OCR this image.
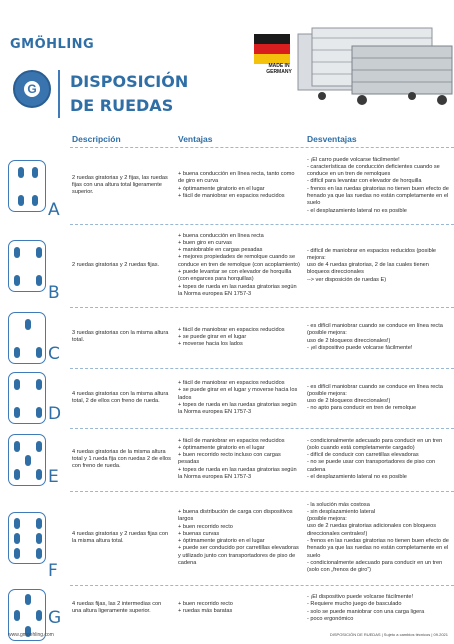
GMÖHLING
MADE IN GERMANY
G DISPOSICIÓN
DE RUEDAS
Descripción	Ventajas	Desventajas
A
2 ruedas giratorias y 2 fijas, las ruedas fijas con una altura total ligeramente superior.
+ buena conducción en línea recta, tanto como de giro en curva
+ óptimamente giratorio en el lugar
+ fácil de maniobrar en espacios reducidos
- ¡El carro puede volcarse fácilmente!
- características de conducción deficientes cuando se conduce en un tren de remolques
- difícil para levantar con elevador de horquilla
- frenos en las ruedas giratorias no tienen buen efecto de frenado ya que las ruedas no están completamente en el suelo
- el desplazamiento lateral no es posible
B
2 ruedas giratorias y 2 ruedas fijas.
+ buena conducción en línea recta
+ buen giro en curvas
+ maniobrable en cargas pesadas
+ mejores propiedades de remolque cuando se conduce en tren de remolque (con acoplamiento)
+ puede levantar se con elevador de horquilla (con engarces para horquillas)
+ topes de rueda en las ruedas giratorias según la Norma europea EN 1757-3
- difícil de maniobrar en espacios reducidos (posible mejora:
uso de 4 ruedas giratorias, 2 de las cuales tienen bloqueos direccionales
--> ver disposición de ruedas E)
C
3 ruedas giratorias con la misma altura total.
+ fácil de maniobrar en espacios reducidos
+ se puede girar en el lugar
+ moverse hacia los lados
- es difícil maniobrar cuando se conduce en línea recta (posible mejora:
uso de 2 bloqueos direccionales!)
- ¡el dispositivo puede volcarse fácilmente!
D
4 ruedas giratorias con la misma altura total, 2 de ellos con freno de rueda.
+ fácil de maniobrar en espacios reducidos
+ se puede girar en el lugar y moverse hacia los lados
+ topes de rueda en las ruedas giratorias según la Norma europea EN 1757-3
- es difícil maniobrar cuando se conduce en línea recta (posible mejora:
uso de 2 bloqueos direccionales!)
- no apto para conducir en tren de remolque
E
4 ruedas giratorias de la misma altura total y 1 rueda fija con ruedas 2 de ellos con freno de rueda.
+ fácil de maniobrar en espacios reducidos
+ óptimamente giratorio en el lugar
+ buen recorrido recto incluso con cargas pesadas
+ topes de rueda en las ruedas giratorias según la Norma europea EN 1757-3
- condicionalmente adecuado para conducir en un tren
(solo cuando está completamente cargado)
- difícil de conducir con carretillas elevadoras
- no se puede usar con transportadores de piso con cadena
- el desplazamiento lateral no es posible
F
4 ruedas giratorias y 2 ruedas fijas con la misma altura total.
+ buena distribución de carga con dispositivos largos
+ buen recorrido recto
+ buenas curvas
+ óptimamente giratorio en el lugar
+ puede ser conducido por carretillas elevadoras y utilizado junto con transportadores de piso de cadena
- la solución más costosa
- sin desplazamiento lateral
(posible mejora:
uso de 2 ruedas giratorias adicionales con bloqueos direccionales centrales!)
- frenos en las ruedas giratorias no tienen buen efecto de frenado ya que las ruedas no están completamente en el suelo
- condicionalmente adecuado para conducir en un tren (solo con „frenos de giro“)
G
4 ruedas fijas, las 2 intermedias con una altura ligeramente superior.
+ buen recorrido recto
+ ruedas más baratas
- ¡El dispositivo puede volcarse fácilmente!
- Requiere mucho juego de basculado
- solo se puede maniobrar con una carga ligera
- poco ergonómico
www.gmoehling.com	DISPOSICIÓN DE RUEDAS | Sujeto a cambios técnicos | 09.2021
